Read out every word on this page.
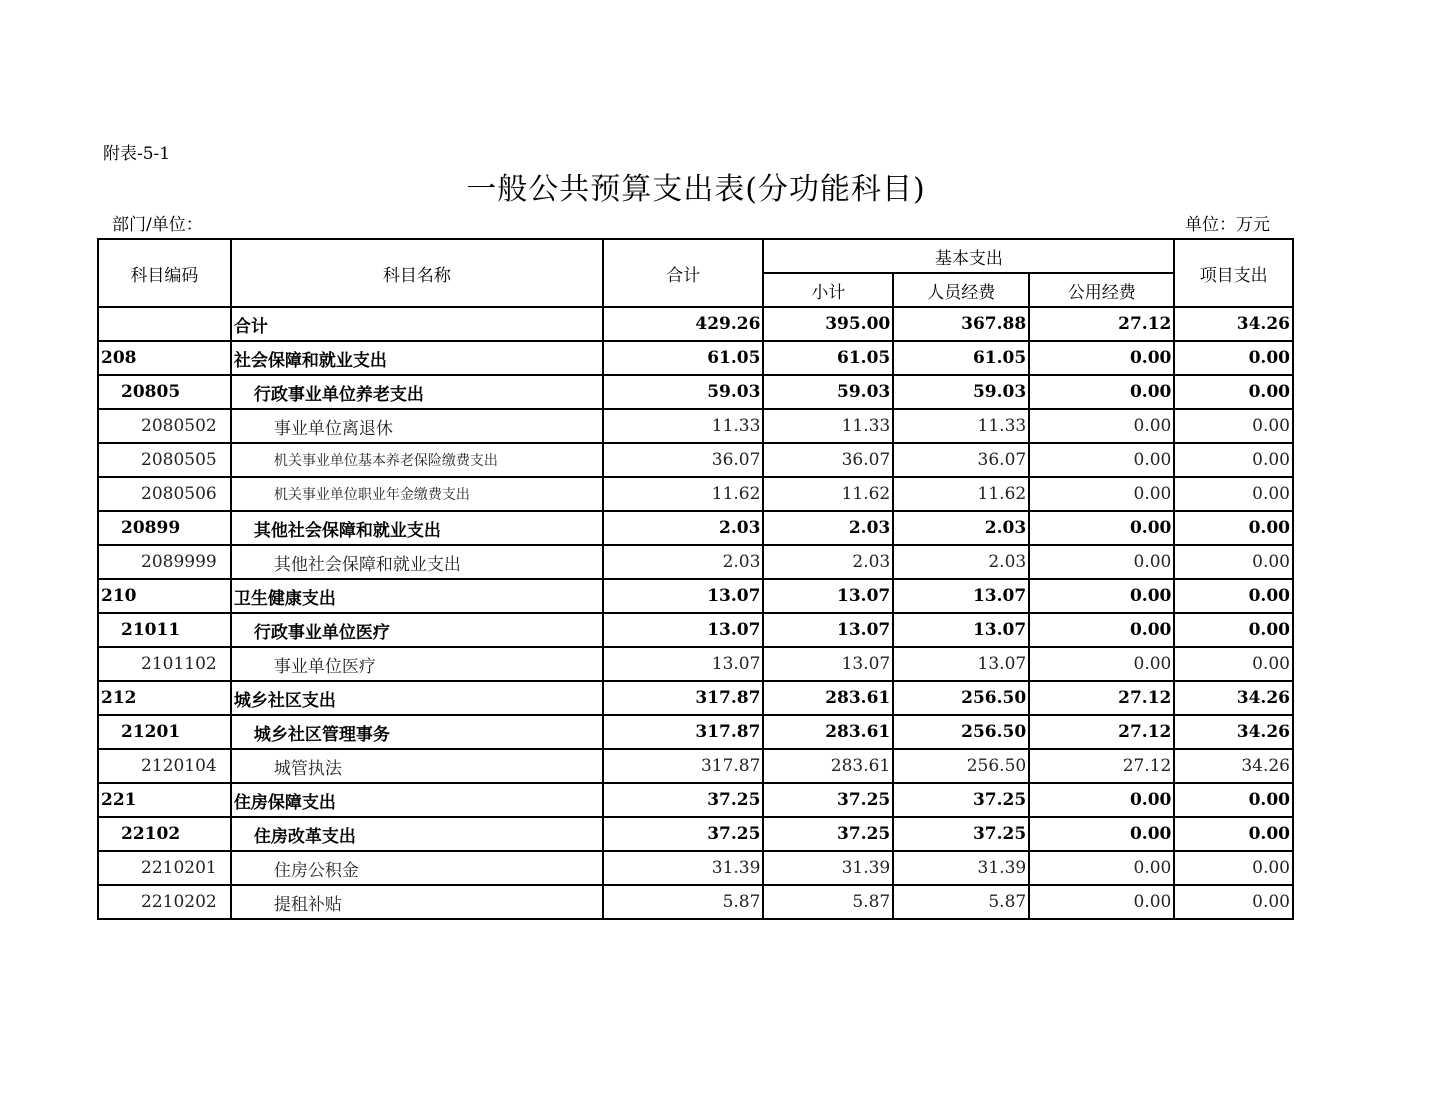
附表-5-1
一般公共预算支出表(分功能科目)
部门/单位：	单位：万元
科目编码	科目名称	合计	基本支出			项目支出
			小计	人员经费	公用经费	
	合计	429.26	395.00	367.88	27.12	34.26
208	社会保障和就业支出	61.05	61.05	61.05	0.00	0.00
20805	行政事业单位养老支出	59.03	59.03	59.03	0.00	0.00
2080502	事业单位离退休	11.33	11.33	11.33	0.00	0.00
2080505	机关事业单位基本养老保险缴费支出	36.07	36.07	36.07	0.00	0.00
2080506	机关事业单位职业年金缴费支出	11.62	11.62	11.62	0.00	0.00
20899	其他社会保障和就业支出	2.03	2.03	2.03	0.00	0.00
2089999	其他社会保障和就业支出	2.03	2.03	2.03	0.00	0.00
210	卫生健康支出	13.07	13.07	13.07	0.00	0.00
21011	行政事业单位医疗	13.07	13.07	13.07	0.00	0.00
2101102	事业单位医疗	13.07	13.07	13.07	0.00	0.00
212	城乡社区支出	317.87	283.61	256.50	27.12	34.26
21201	城乡社区管理事务	317.87	283.61	256.50	27.12	34.26
2120104	城管执法	317.87	283.61	256.50	27.12	34.26
221	住房保障支出	37.25	37.25	37.25	0.00	0.00
22102	住房改革支出	37.25	37.25	37.25	0.00	0.00
2210201	住房公积金	31.39	31.39	31.39	0.00	0.00
2210202	提租补贴	5.87	5.87	5.87	0.00	0.00
